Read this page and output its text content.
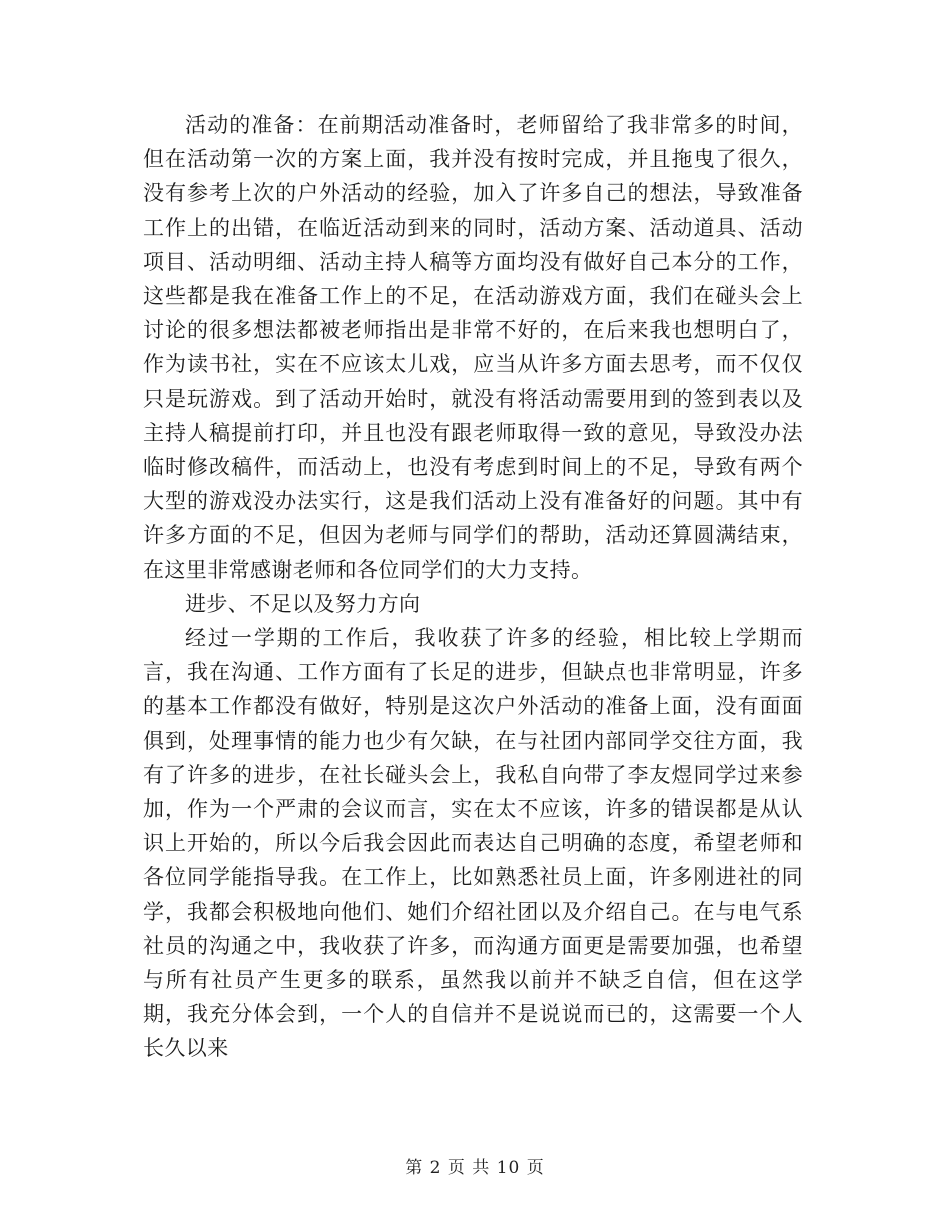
活动的准备：在前期活动准备时，老师留给了我非常多的时间，但在活动第一次的方案上面，我并没有按时完成，并且拖曳了很久，没有参考上次的户外活动的经验，加入了许多自己的想法，导致准备工作上的出错，在临近活动到来的同时，活动方案、活动道具、活动项目、活动明细、活动主持人稿等方面均没有做好自己本分的工作，这些都是我在准备工作上的不足，在活动游戏方面，我们在碰头会上讨论的很多想法都被老师指出是非常不好的，在后来我也想明白了，作为读书社，实在不应该太儿戏，应当从许多方面去思考，而不仅仅只是玩游戏。到了活动开始时，就没有将活动需要用到的签到表以及主持人稿提前打印，并且也没有跟老师取得一致的意见，导致没办法临时修改稿件，而活动上，也没有考虑到时间上的不足，导致有两个大型的游戏没办法实行，这是我们活动上没有准备好的问题。其中有许多方面的不足，但因为老师与同学们的帮助，活动还算圆满结束，在这里非常感谢老师和各位同学们的大力支持。

进步、不足以及努力方向

经过一学期的工作后，我收获了许多的经验，相比较上学期而言，我在沟通、工作方面有了长足的进步，但缺点也非常明显，许多的基本工作都没有做好，特别是这次户外活动的准备上面，没有面面俱到，处理事情的能力也少有欠缺，在与社团内部同学交往方面，我有了许多的进步，在社长碰头会上，我私自向带了李友煜同学过来参加，作为一个严肃的会议而言，实在太不应该，许多的错误都是从认识上开始的，所以今后我会因此而表达自己明确的态度，希望老师和各位同学能指导我。在工作上，比如熟悉社员上面，许多刚进社的同学，我都会积极地向他们、她们介绍社团以及介绍自己。在与电气系社员的沟通之中，我收获了许多，而沟通方面更是需要加强，也希望与所有社员产生更多的联系，虽然我以前并不缺乏自信，但在这学期，我充分体会到，一个人的自信并不是说说而已的，这需要一个人长久以来

第 2 页 共 10 页
